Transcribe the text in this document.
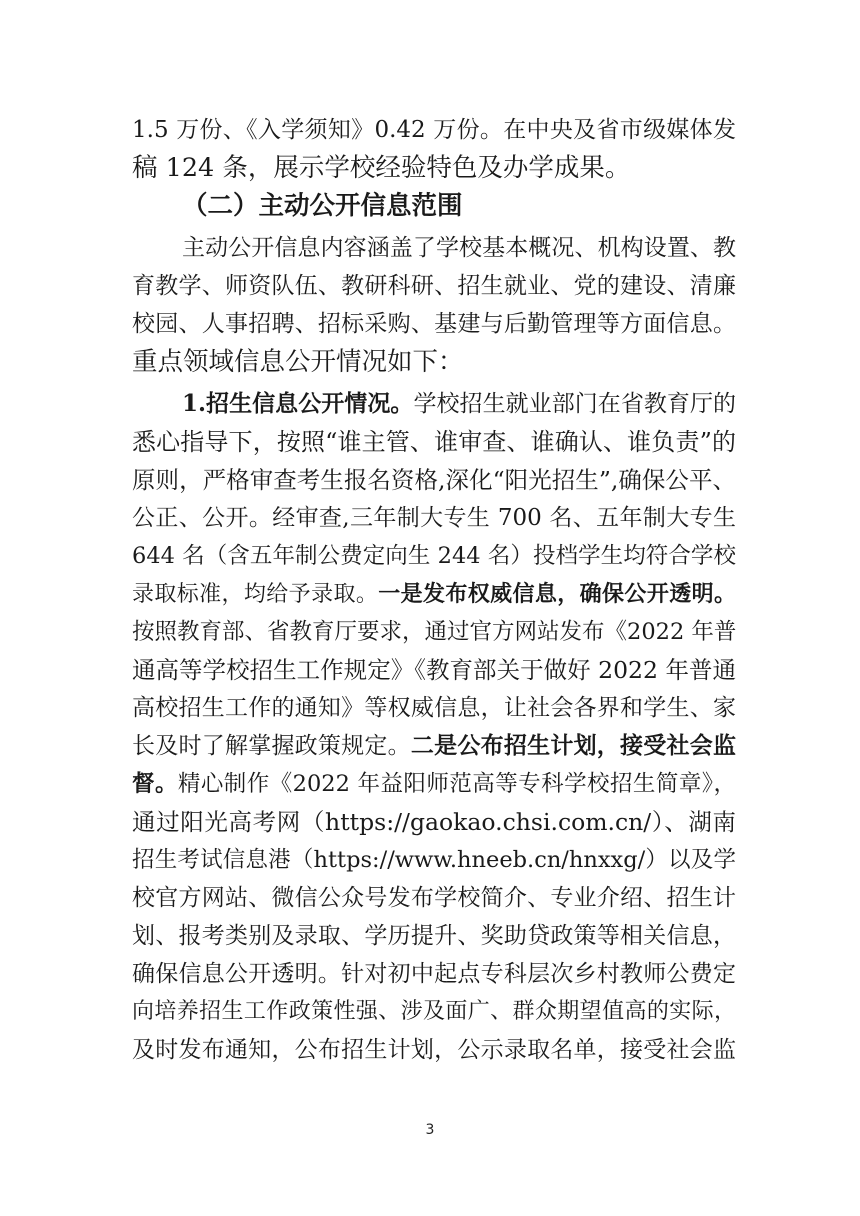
1.5 万份、《入学须知》0.42 万份。在中央及省市级媒体发
稿 124 条，展示学校经验特色及办学成果。
（二）主动公开信息范围
主动公开信息内容涵盖了学校基本概况、机构设置、教
育教学、师资队伍、教研科研、招生就业、党的建设、清廉
校园、人事招聘、招标采购、基建与后勤管理等方面信息。
重点领域信息公开情况如下：
1.招生信息公开情况。学校招生就业部门在省教育厅的
悉心指导下，按照“谁主管、谁审查、谁确认、谁负责”的
原则，严格审查考生报名资格,深化“阳光招生”,确保公平、
公正、公开。经审查,三年制大专生 700 名、五年制大专生
644 名（含五年制公费定向生 244 名）投档学生均符合学校
录取标准，均给予录取。一是发布权威信息，确保公开透明。
按照教育部、省教育厅要求，通过官方网站发布《2022 年普
通高等学校招生工作规定》《教育部关于做好 2022 年普通
高校招生工作的通知》等权威信息，让社会各界和学生、家
长及时了解掌握政策规定。二是公布招生计划，接受社会监
督。精心制作《2022 年益阳师范高等专科学校招生简章》，
通过阳光高考网（https://gaokao.chsi.com.cn/）、湖南
招生考试信息港（https://www.hneeb.cn/hnxxg/）以及学
校官方网站、微信公众号发布学校简介、专业介绍、招生计
划、报考类别及录取、学历提升、奖助贷政策等相关信息，
确保信息公开透明。针对初中起点专科层次乡村教师公费定
向培养招生工作政策性强、涉及面广、群众期望值高的实际，
及时发布通知，公布招生计划，公示录取名单，接受社会监
3
